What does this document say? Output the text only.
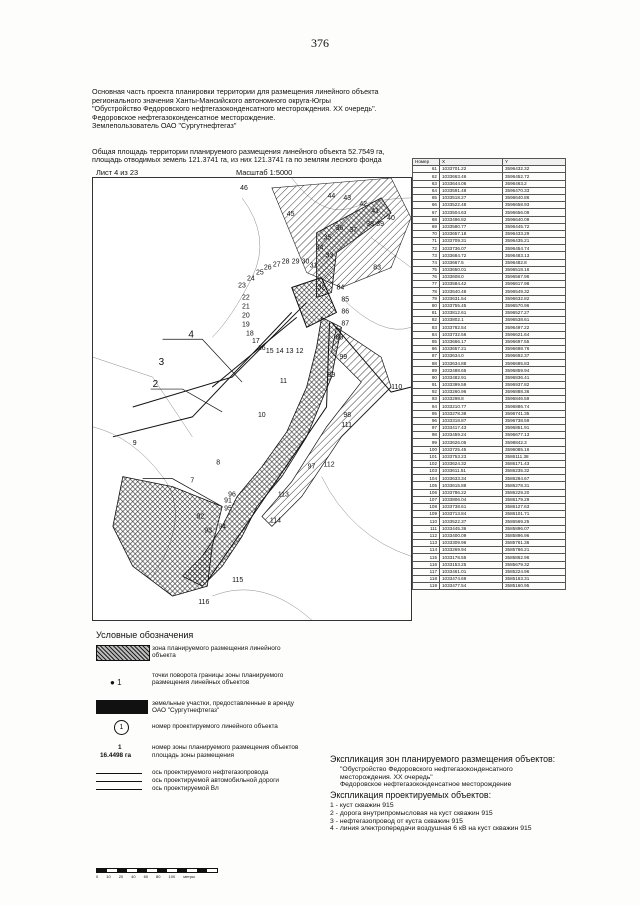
376
Основная часть проекта планировки территории для размещения линейного объекта
регионального значения Ханты-Мансийского автономного округа-Югры
"Обустройство Федоровского нефтегазоконденсатного месторождения. XX очередь".
Федоровское нефтегазоконденсатное месторождение.
Землепользователь ОАО "Сургутнефтегаз"
Общая площадь территории планируемого размещения линейного объекта 52.7549 га,
площадь отводимых земель 121.3741 га, из них 121.3741 га по землям лесного фонда
Лист 4 из 23	Масштаб 1:5000
46
44 43
42
41
40
45
39
38
37
36
35
34
33
32
31
30
29
28
27
26
25
24
23
22
21
20
19
18
17
16 15 14 13 12
11
10
9
8
7
83
84
85
86
87
88
89
99
98
97
96
95
94
93
92
91
110
111
112
113
114
115
116
4
3
2
Номер	X	Y
61	1033701.22	3596432.32
62	1033663.46	3596452.72
63	1033644.06	3596463.2
64	1033591.48	3596470.33
65	1033518.27	3596640.86
66	1033522.48	3596658.93
67	1033504.63	3596656.09
68	1033496.82	3596640.09
69	1033580.77	3596445.72
70	1033657.18	3596433.29
71	1033709.31	3596435.21
72	1033736.07	3596454.74
73	1033684.72	3596483.13
74	1033667.5	3596482.8
75	1033650.01	3596518.16
76	1033608.0	3596567.96
77	1033584.42	3596617.98
78	1033640.48	3596549.32
79	1033631.54	3596632.82
80	1033755.45	3596570.96
81	1033812.61	3596527.27
82	1033802.1	3596538.61
83	1033782.54	3596497.22
84	1033732.56	3596621.64
85	1033666.17	3596697.55
86	1033657.21	3596698.76
87	1033634.0	3596692.37
88	1033634.88	3596685.83
89	1033488.65	3596859.94
90	1033482.91	3596836.41
91	1033399.59	3596937.82
92	1033260.96	3596888.36
93	1033298.8	3596846.59
94	1033210.77	3596886.74
95	1033278.38	3596741.35
96	1033318.87	3596738.59
97	1033417.43	3596851.91
98	1033459.24	3596677.13
99	1033626.05	3598842.3
100	1033725.45	3596085.16
101	1033753.23	3586111.38
102	1033624.32	3586171.43
103	1033611.51	3586235.32
104	1033633.34	3586284.67
105	1033615.88	3586278.31
106	1033786.22	3586229.20
107	1033806.04	3586179.29
108	1033738.61	3586127.63
109	1033713.84	3586101.71
110	1033522.37	3586569.25
111	1033445.36	3585896.07
112	1033400.09	3585896.96
113	1033309.96	3585761.36
114	1033269.94	3585786.21
115	1033178.55	3585862.96
116	1033153.25	3585679.32
117	1033461.01	3585224.96
118	1033474.69	3585163.31
119	1033477.54	3585160.95
Условные обозначения
зона планируемого размещения линейного объекта
● 1
точки поворота границы зоны планируемого размещения линейных объектов
земельные участки, предоставленные в аренду ОАО "Сургутнефтегаз"
1	номер проектируемого линейного объекта
1
16.4498 га
номер зоны планируемого размещения объектов
площадь зоны размещения
ось проектируемого нефтегазопровода
ось проектируемой автомобильной дороги
ось проектируемой Вл
Экспликация зон планируемого размещения объектов:
"Обустройство Федоровского нефтегазоконденсатного
месторождения. XX очередь"
Федоровское нефтегазоконденсатное месторождение
Экспликация проектируемых объектов:
1 - куст скважин 915
2 - дорога внутрипромысловая на куст скважин 915
3 - нефтегазопровод от куста скважин 915
4 - линия электропередачи воздушная 6 кВ на куст скважин 915
0 10 20 40 60 80 100 метры
